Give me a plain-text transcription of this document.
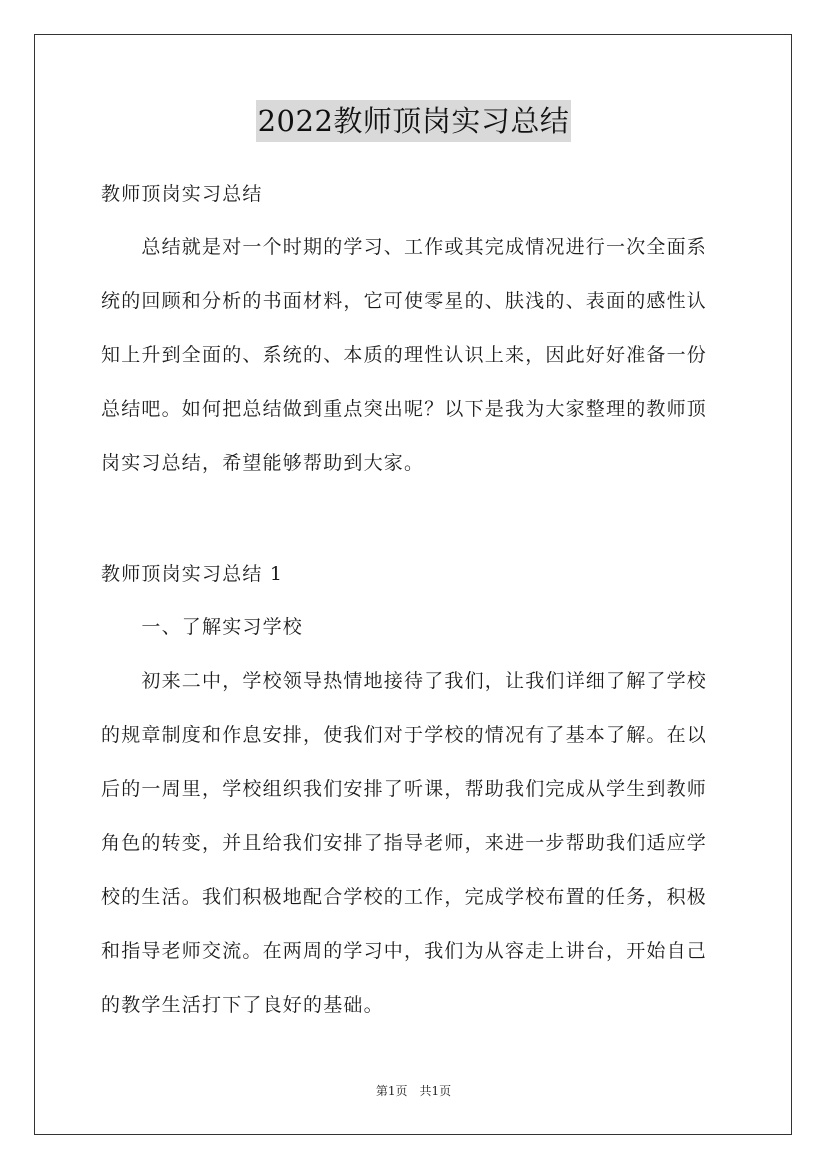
2022教师顶岗实习总结
教师顶岗实习总结
　　总结就是对一个时期的学习、工作或其完成情况进行一次全面系
统的回顾和分析的书面材料，它可使零星的、肤浅的、表面的感性认
知上升到全面的、系统的、本质的理性认识上来，因此好好准备一份
总结吧。如何把总结做到重点突出呢？以下是我为大家整理的教师顶
岗实习总结，希望能够帮助到大家。
教师顶岗实习总结 1
　　一、了解实习学校
　　初来二中，学校领导热情地接待了我们，让我们详细了解了学校
的规章制度和作息安排，使我们对于学校的情况有了基本了解。在以
后的一周里，学校组织我们安排了听课，帮助我们完成从学生到教师
角色的转变，并且给我们安排了指导老师，来进一步帮助我们适应学
校的生活。我们积极地配合学校的工作，完成学校布置的任务，积极
和指导老师交流。在两周的学习中，我们为从容走上讲台，开始自己
的教学生活打下了良好的基础。
第1页　共1页
